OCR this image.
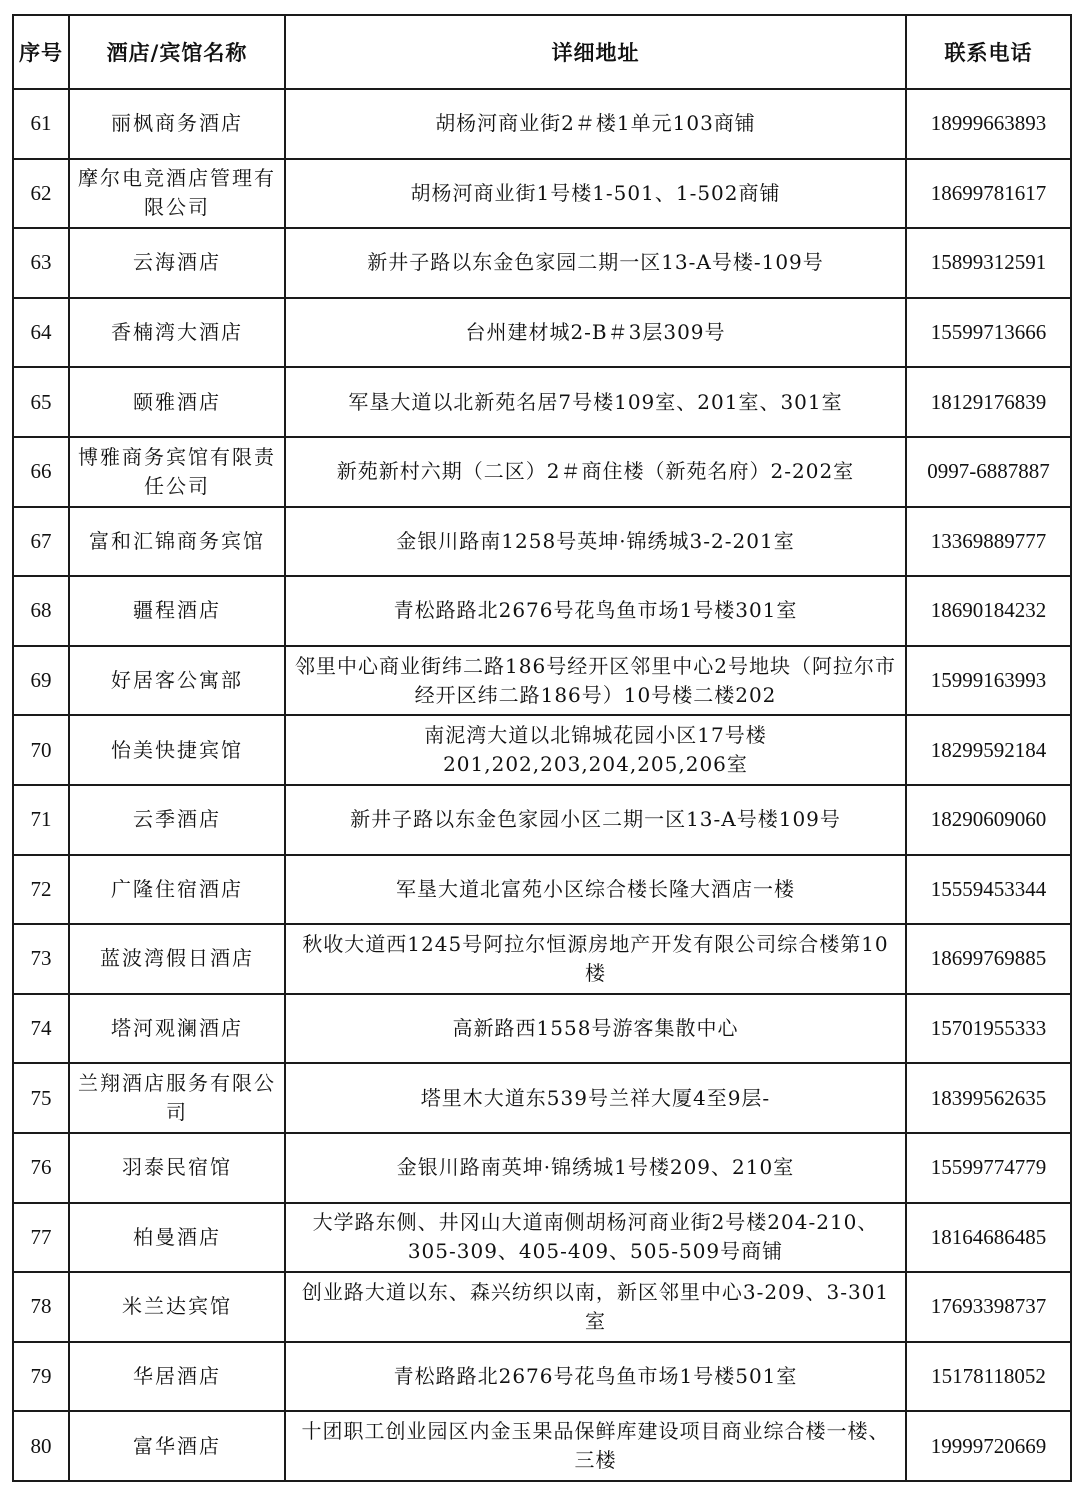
序号	酒店/宾馆名称	详细地址	联系电话
61	丽枫商务酒店	胡杨河商业街2＃楼1单元103商铺	18999663893
62	摩尔电竞酒店管理有限公司	胡杨河商业街1号楼1-501、1-502商铺	18699781617
63	云海酒店	新井子路以东金色家园二期一区13-A号楼-109号	15899312591
64	香楠湾大酒店	台州建材城2-B＃3层309号	15599713666
65	颐雅酒店	军垦大道以北新苑名居7号楼109室、201室、301室	18129176839
66	博雅商务宾馆有限责任公司	新苑新村六期（二区）2＃商住楼（新苑名府）2-202室	0997-6887887
67	富和汇锦商务宾馆	金银川路南1258号英坤·锦绣城3-2-201室	13369889777
68	疆程酒店	青松路路北2676号花鸟鱼市场1号楼301室	18690184232
69	好居客公寓部	邻里中心商业街纬二路186号经开区邻里中心2号地块（阿拉尔市经开区纬二路186号）10号楼二楼202	15999163993
70	怡美快捷宾馆	南泥湾大道以北锦城花园小区17号楼201,202,203,204,205,206室	18299592184
71	云季酒店	新井子路以东金色家园小区二期一区13-A号楼109号	18290609060
72	广隆住宿酒店	军垦大道北富苑小区综合楼长隆大酒店一楼	15559453344
73	蓝波湾假日酒店	秋收大道西1245号阿拉尔恒源房地产开发有限公司综合楼第10楼	18699769885
74	塔河观澜酒店	高新路西1558号游客集散中心	15701955333
75	兰翔酒店服务有限公司	塔里木大道东539号兰祥大厦4至9层-	18399562635
76	羽泰民宿馆	金银川路南英坤·锦绣城1号楼209、210室	15599774779
77	柏曼酒店	大学路东侧、井冈山大道南侧胡杨河商业街2号楼204-210、305-309、405-409、505-509号商铺	18164686485
78	米兰达宾馆	创业路大道以东、森兴纺织以南，新区邻里中心3-209、3-301室	17693398737
79	华居酒店	青松路路北2676号花鸟鱼市场1号楼501室	15178118052
80	富华酒店	十团职工创业园区内金玉果品保鲜库建设项目商业综合楼一楼、三楼	19999720669
